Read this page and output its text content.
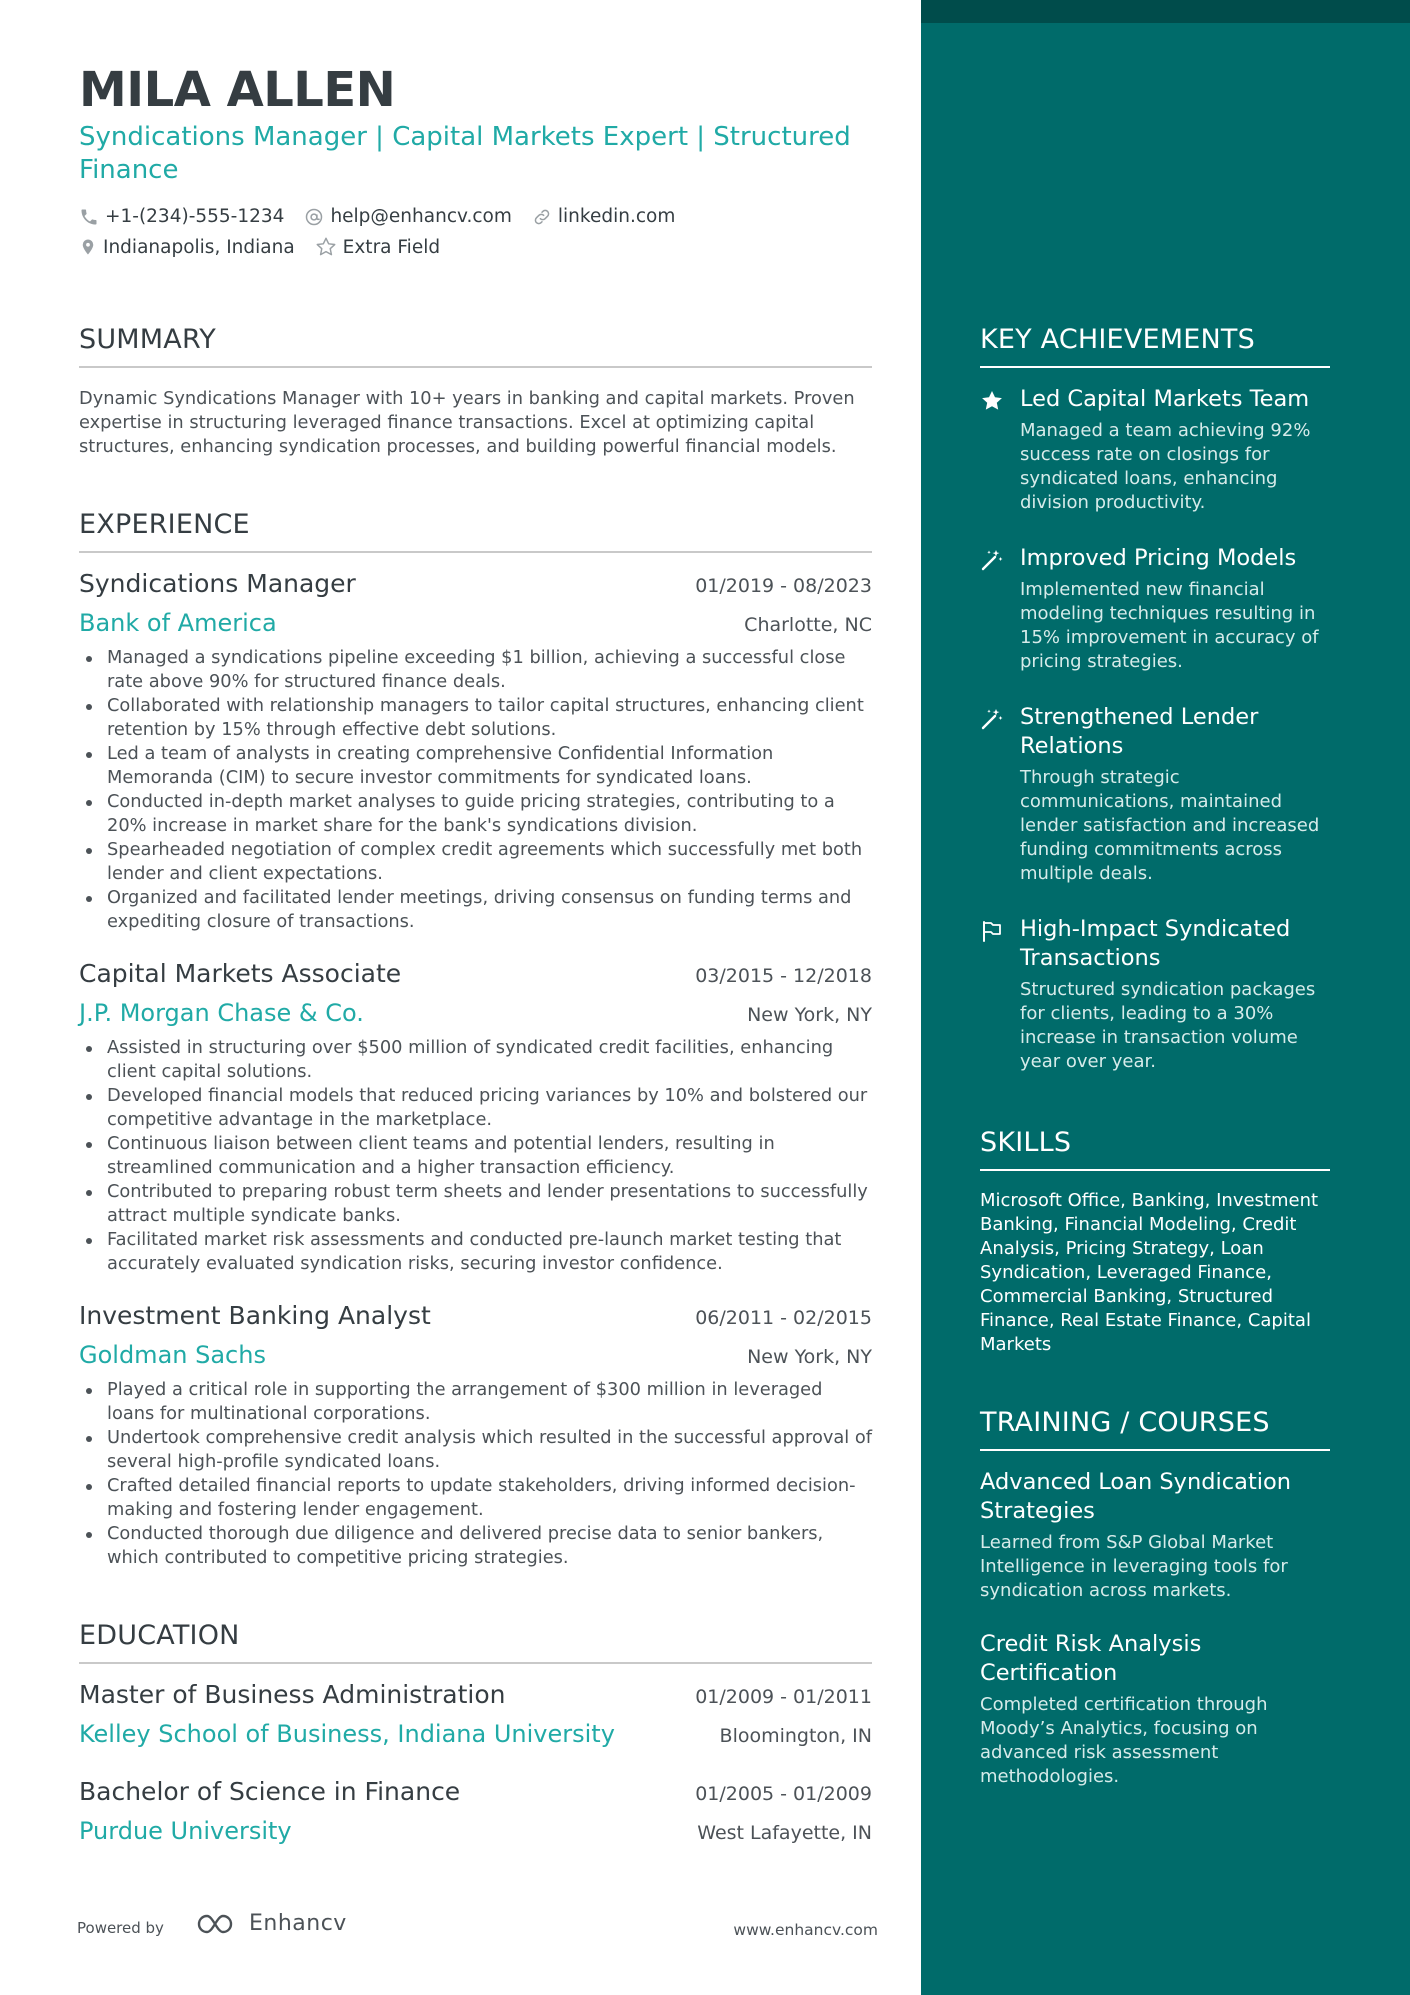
MILA ALLEN
Syndications Manager | Capital Markets Expert | Structured Finance
+1-(234)-555-1234 help@enhancv.com linkedin.com
Indianapolis, Indiana	Extra Field
SUMMARY
Dynamic Syndications Manager with 10+ years in banking and capital markets. Proven expertise in structuring leveraged finance transactions. Excel at optimizing capital structures, enhancing syndication processes, and building powerful financial models.
EXPERIENCE
Syndications Manager	01/2019 - 08/2023
Bank of America	Charlotte, NC
Managed a syndications pipeline exceeding $1 billion, achieving a successful close rate above 90% for structured finance deals.
Collaborated with relationship managers to tailor capital structures, enhancing client retention by 15% through effective debt solutions.
Led a team of analysts in creating comprehensive Confidential Information Memoranda (CIM) to secure investor commitments for syndicated loans.
Conducted in-depth market analyses to guide pricing strategies, contributing to a 20% increase in market share for the bank's syndications division.
Spearheaded negotiation of complex credit agreements which successfully met both lender and client expectations.
Organized and facilitated lender meetings, driving consensus on funding terms and expediting closure of transactions.
Capital Markets Associate	03/2015 - 12/2018
J.P. Morgan Chase & Co.	New York, NY
Assisted in structuring over $500 million of syndicated credit facilities, enhancing client capital solutions.
Developed financial models that reduced pricing variances by 10% and bolstered our competitive advantage in the marketplace.
Continuous liaison between client teams and potential lenders, resulting in streamlined communication and a higher transaction efficiency.
Contributed to preparing robust term sheets and lender presentations to successfully attract multiple syndicate banks.
Facilitated market risk assessments and conducted pre-launch market testing that accurately evaluated syndication risks, securing investor confidence.
Investment Banking Analyst	06/2011 - 02/2015
Goldman Sachs	New York, NY
Played a critical role in supporting the arrangement of $300 million in leveraged loans for multinational corporations.
Undertook comprehensive credit analysis which resulted in the successful approval of several high-profile syndicated loans.
Crafted detailed financial reports to update stakeholders, driving informed decision-making and fostering lender engagement.
Conducted thorough due diligence and delivered precise data to senior bankers, which contributed to competitive pricing strategies.
EDUCATION
Master of Business Administration	01/2009 - 01/2011
Kelley School of Business, Indiana University	Bloomington, IN
Bachelor of Science in Finance	01/2005 - 01/2009
Purdue University	West Lafayette, IN
Powered by	Enhancv	www.enhancv.com
KEY ACHIEVEMENTS
Led Capital Markets Team
Managed a team achieving 92% success rate on closings for syndicated loans, enhancing division productivity.
Improved Pricing Models
Implemented new financial modeling techniques resulting in 15% improvement in accuracy of pricing strategies.
Strengthened Lender Relations
Through strategic communications, maintained lender satisfaction and increased funding commitments across multiple deals.
High-Impact Syndicated Transactions
Structured syndication packages for clients, leading to a 30% increase in transaction volume year over year.
SKILLS
Microsoft Office, Banking, Investment Banking, Financial Modeling, Credit Analysis, Pricing Strategy, Loan Syndication, Leveraged Finance, Commercial Banking, Structured Finance, Real Estate Finance, Capital Markets
TRAINING / COURSES
Advanced Loan Syndication Strategies
Learned from S&P Global Market Intelligence in leveraging tools for syndication across markets.
Credit Risk Analysis Certification
Completed certification through Moody’s Analytics, focusing on advanced risk assessment methodologies.
